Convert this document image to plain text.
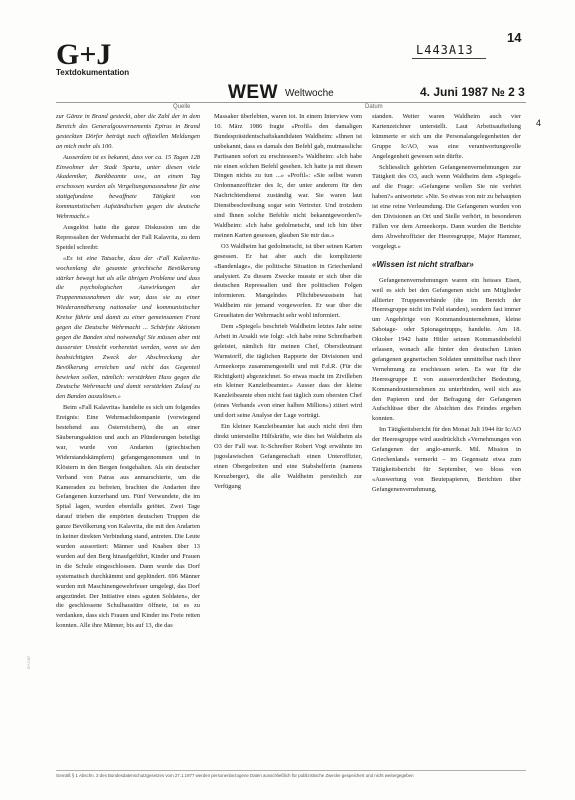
G+J
Textdokumentation
L443A13
14
WEW Weltwoche	4. Juni 1987 № 2 3
Quelle	Datum
4

zur Gänze in Brand gesteckt, aber die Zahl der in dem Bereich des Generalgouvernements Epirus in Brand gesteckten Dörfer beträgt nach offiziellen Meldungen an mich mehr als 100.

Ausserdem ist es bekannt, dass vor ca. 15 Tagen 128 Einwohner der Stadt Sparta, unter diesen viele Akademiker, Bankbeamte usw., an einem Tag erschossen wurden als Vergeltungsmassnahme für eine stattgefundene bewaffnete Tätigkeit von kommunistischen Aufständischen gegen die deutsche Wehrmacht.»

Ausgelöst hatte die ganze Diskussion um die Repressalien der Wehrmacht der Fall Kalavrita, zu dem Speidel schreibt:

«Es ist eine Tatsache, dass der ‹Fall Kalavrita› wochenlang die gesamte griechische Bevölkerung stärker bewegt hat als alle übrigen Probleme und dass die psychologischen Auswirkungen der Truppenmassnahmen die war, dass sie zu einer Wiederannäherung nationaler und kommunistischer Kreise führte und damit zu einer gemeinsamen Front gegen die Deutsche Wehrmacht ... Schärfste Aktionen gegen die Banden sind notwendig! Sie müssen aber mit äusserster Umsicht vorbereitet werden, wenn sie den beabsichtigten Zweck der Abschreckung der Bevölkerung erreichen und nicht das Gegenteil bewirken sollen, nämlich: verstärkten Hass gegen die Deutsche Wehrmacht und damit verstärkten Zulauf zu den Banden auszulösen.»

Beim «Fall Kalavrita» handelte es sich um folgendes Ereignis: Eine Wehrmachtkompanie (vorwiegend bestehend aus Österreichern), die an einer Säuberungsaktion und auch an Plünderungen beteiligt war, wurde von Andarten (griechischen Widerstandskämpfern) gefangengenommen und in Klöstern in den Bergen festgehalten. Als ein deutscher Verband von Patras aus anmarschierte, um die Kameraden zu befreien, brachten die Andarten ihre Gefangenen kurzerhand um. Fünf Verwundete, die im Spital lagen, wurden ebenfalls getötet. Zwei Tage darauf trieben die empörten deutschen Truppen die ganze Bevölkerung von Kalavrita, die mit den Andarten in keiner direkten Verbindung stand, antreten. Die Leute wurden aussortiert: Männer und Knaben über 13 wurden auf den Berg hinaufgeführt, Kinder und Frauen in die Schule eingeschlossen. Dann wurde das Dorf systematisch durchkämmt und geplündert. 696 Männer wurden mit Maschinengewehrfeuer umgelegt, das Dorf angezündet. Der Initiative eines «guten Soldaten», der die geschlossene Schulhaustüre öffnete, ist es zu verdanken, dass sich Frauen und Kinder ins Freie retten konnten. Alle ihre Männer, bis auf 13, die das

Massaker überlebten, waren tot. In einem Interview vom 10. März 1986 fragte «Profil» den damaligen Bundespräsidentschaftskandidaten Waldheim: «Ihnen ist unbekannt, dass es damals den Befehl gab, mutmassliche Partisanen sofort zu erschiessen?» Waldheim: «Ich habe nie einen solchen Befehl gesehen. Ich hatte ja mit diesen Dingen nichts zu tun ...» «Profil»: «Sie selbst waren Ordonnanzoffizier des Ic, der unter anderem für den Nachrichtendienst zuständig war. Sie waren laut Dienstbeschreibung sogar sein Vertreter. Und trotzdem sind Ihnen solche Befehle nicht bekanntgeworden?» Waldheim: «Ich habe gedolmetscht, und ich bin über meinen Karten gesessen, glauben Sie mir das.»

O3 Waldheim hat gedolmetscht, ist über seinen Karten gesessen. Er hat aber auch die komplizierte «Bandenlage», die politische Situation in Griechenland analysiert. Zu diesem Zwecke musste er sich über die deutschen Repressalien und ihre politischen Folgen informieren. Mangelndes Pflichtbewusstsein hat Waldheim nie jemand vorgeworfen. Er war über die Greueltaten der Wehrmacht sehr wohl informiert.

Dem «Spiegel» beschrieb Waldheim letztes Jahr seine Arbeit in Arsakli wie folgt: «Ich habe reine Schreibarbeit geleistet, nämlich für meinen Chef, Oberstleutnant Warnstorff, die täglichen Rapporte der Divisionen und Armeekorps zusammengestellt und mit F.d.R. (Für die Richtigkeit) abgezeichnet. So etwas macht im Zivilleben ein kleiner Kanzleibeamter.» Ausser dass der kleine Kanzleibeamte eben nicht fast täglich zum obersten Chef (eines Verbands «von einer halben Million») zitiert wird und dort seine Analyse der Lage vorträgt.

Ein kleiner Kanzleibeamter hat auch nicht drei ihm direkt unterstellte Hilfskräfte, wie dies bei Waldheim als O3 der Fall war. Ic-Schreiber Robert Vogt erwähnte im jugoslawischen Gefangenschaft einen Unteroffizier, einen Obergefreiten und eine Stabshelferin (namens Kreuzberger), die alle Waldheim persönlich zur Verfügung

standen. Weiter waren Waldheim auch vier Kartenzeichner unterstellt. Laut Arbeitsaufteilung kümmerte er sich um die Personalangelegenheiten der Gruppe Ic/AO, was eine verantwortungsvolle Angelegenheit gewesen sein dürfte.

Schliesslich gehörten Gefangenenvernehmungen zur Tätigkeit des O3, auch wenn Waldheim dem «Spiegel» auf die Frage: «Gefangene wollen Sie nie verhört haben?» antwortete: «Nie. So etwas von mir zu behaupten ist eine reine Verleumdung. Die Gefangenen wurden von den Divisionen an Ort und Stelle verhört, in besonderen Fällen vor dem Armeekorps. Dann wurden die Berichte dem Abwehroffizier der Heeresgruppe, Major Hammer, vorgelegt.»

«Wissen ist nicht strafbar»

Gefangenenvernehmungen waren ein heisses Eisen, weil es sich bei den Gefangenen nicht um Mitglieder alliierter Truppenverbände (die im Bereich der Heeresgruppe nicht im Feld standen), sondern fast immer um Angehörige von Kommandounternehmen, kleine Sabotage- oder Spionagetrupps, handelte. Am 18. Oktober 1942 hatte Hitler seinen Kommandobefehl erlassen, wonach alle hinter den deutschen Linien gefangenen gegnerischen Soldaten unmittelbar nach ihrer Vernehmung zu erschiessen seien. Es war für die Heeresgruppe E von ausserordentlicher Bedeutung, Kommandounternehmen zu unterbinden, weil sich aus den Papieren und der Befragung der Gefangenen Aufschlüsse über die Absichten des Feindes ergeben konnten.

Im Tätigkeitsbericht für den Monat Juli 1944 für Ic/AO der Heeresgruppe wird ausdrücklich «Vernehmungen von Gefangenen der anglo-amerik. Mil. Mission in Griechenland» vermerkt – im Gegensatz etwa zum Tätigkeitsbericht für September, wo bloss von «Auswertung von Beutepapieren, Berichten über Gefangenenvernehmung,

G+J 87
Gemäß § 1 Abschn. 3 des Bundesdatenschutzgesetzes vom 27.1.1977 werden personenbezogene Daten ausschließlich für publizistische Zwecke gespeichert und nicht weitergegeben
